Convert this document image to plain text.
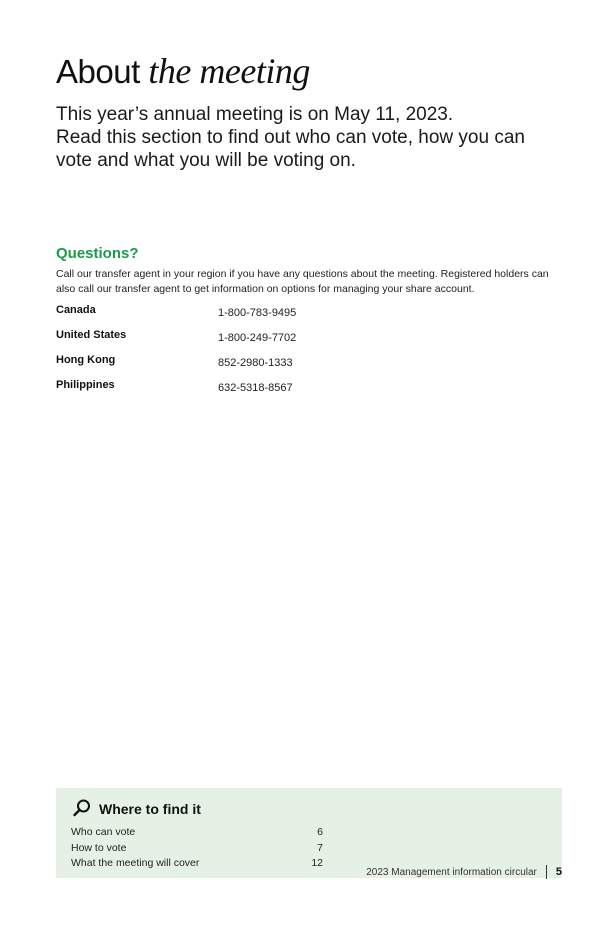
About the meeting

This year’s annual meeting is on May 11, 2023.

Read this section to find out who can vote, how you can vote and what you will be voting on.

Questions?
Call our transfer agent in your region if you have any questions about the meeting. Registered holders can also call our transfer agent to get information on options for managing your share account.
Canada	1-800-783-9495
United States	1-800-249-7702
Hong Kong	852-2980-1333
Philippines	632-5318-8567
Where to find it
Who can vote	6
How to vote	7
What the meeting will cover	12
2023 Management information circular 5
